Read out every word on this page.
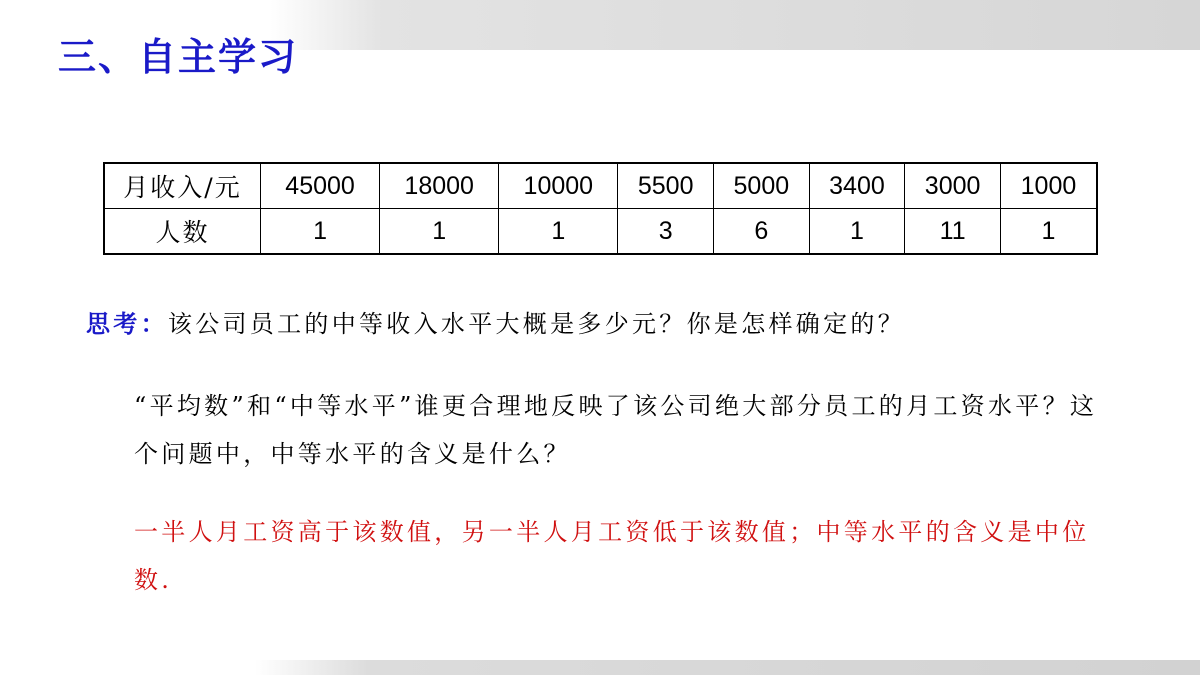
三、自主学习
月收入/元	45000	18000	10000	5500	5000	3400	3000	1000
人数	1	1	1	3	6	1	11	1
思考：该公司员工的中等收入水平大概是多少元？你是怎样确定的？
“平均数”和“中等水平”谁更合理地反映了该公司绝大部分员工的月工资水平？这个问题中，中等水平的含义是什么？
一半人月工资高于该数值，另一半人月工资低于该数值；中等水平的含义是中位数.
